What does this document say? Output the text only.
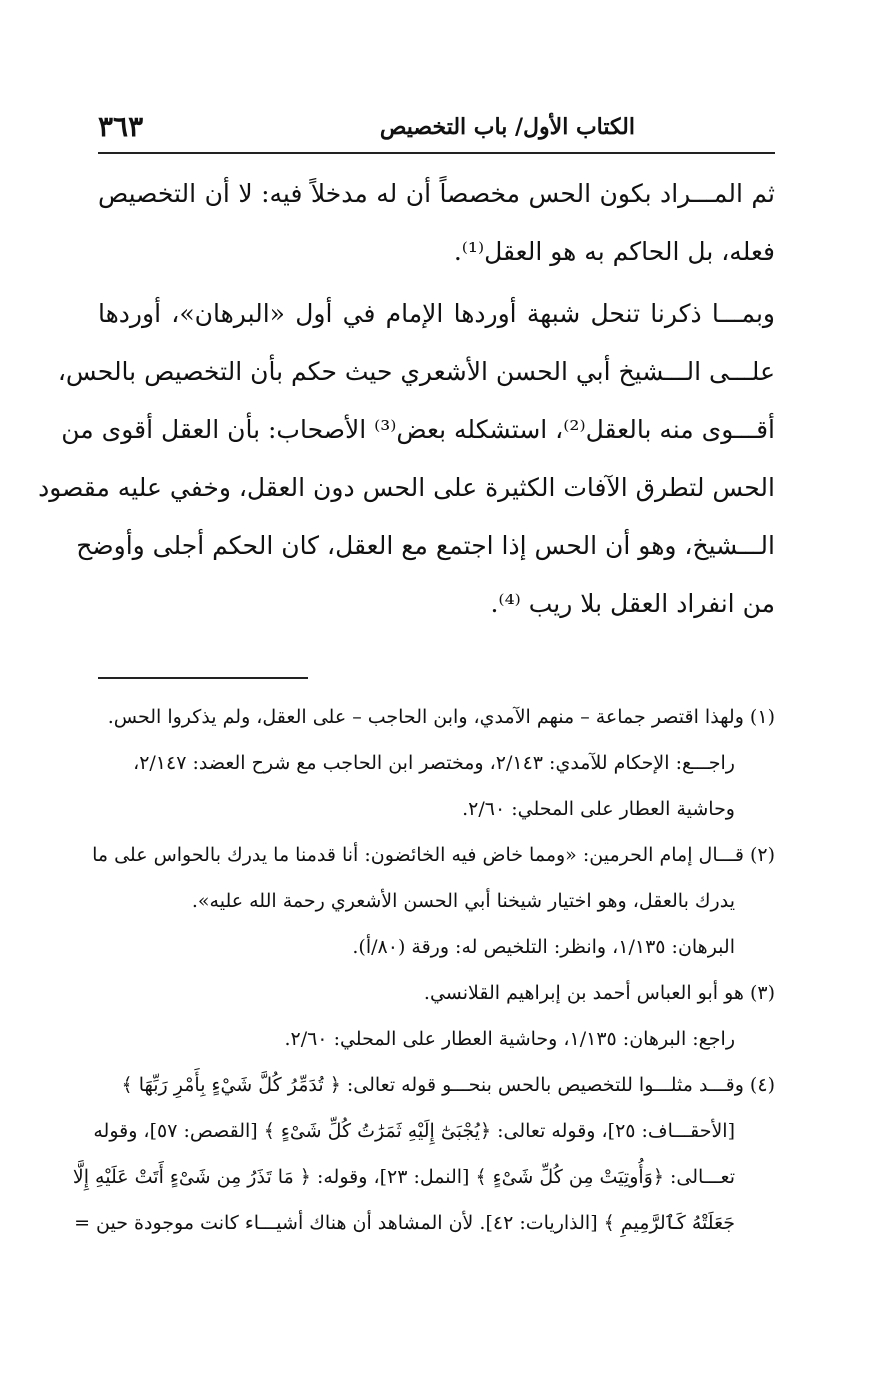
الكتاب الأول/ باب التخصيص
٣٦٣

ثم المـــراد بكون الحس مخصصاً أن له مدخلاً فيه: لا أن التخصيص
فعله، بل الحاكم به هو العقل⁽¹⁾.

وبمـــا ذكرنا تنحل شبهة أوردها الإمام في أول «البرهان»، أوردها
علـــى الـــشيخ أبي الحسن الأشعري حيث حكم بأن التخصيص بالحس،
أقـــوى منه بالعقل⁽²⁾، استشكله بعض⁽³⁾ الأصحاب: بأن العقل أقوى من
الحس لتطرق الآفات الكثيرة على الحس دون العقل، وخفي عليه مقصود
الـــشيخ، وهو أن الحس إذا اجتمع مع العقل، كان الحكم أجلى وأوضح
من انفراد العقل بلا ريب ⁽⁴⁾.

(١) ولهذا اقتصر جماعة – منهم الآمدي، وابن الحاجب – على العقل، ولم يذكروا الحس.
راجـــع: الإحكام للآمدي: ٢/١٤٣، ومختصر ابن الحاجب مع شرح العضد: ٢/١٤٧،
وحاشية العطار على المحلي: ٢/٦٠.
(٢) قـــال إمام الحرمين: «ومما خاض فيه الخائضون: أنا قدمنا ما يدرك بالحواس على ما
يدرك بالعقل، وهو اختيار شيخنا أبي الحسن الأشعري رحمة الله عليه».
البرهان: ١/١٣٥، وانظر: التلخيص له: ورقة (٨٠/أ).
(٣) هو أبو العباس أحمد بن إبراهيم القلانسي.
راجع: البرهان: ١/١٣٥، وحاشية العطار على المحلي: ٢/٦٠.
(٤) وقـــد مثلـــوا للتخصيص بالحس بنحـــو قوله تعالى: ﴿ تُدَمِّرُ كُلَّ شَيْءٍ بِأَمْرِ رَبِّهَا ﴾
[الأحقـــاف: ٢٥]، وقوله تعالى: ﴿يُجْبَىٰٓ إِلَيْهِ ثَمَرَٰتُ كُلِّ شَىْءٍ ﴾ [القصص: ٥٧]، وقوله
تعـــالى: ﴿وَأُوتِيَتْ مِن كُلِّ شَىْءٍ ﴾ [النمل: ٢٣]، وقوله: ﴿ مَا تَذَرُ مِن شَىْءٍ أَتَتْ عَلَيْهِ إِلَّا
جَعَلَتْهُ كَٱلرَّمِيمِ ﴾ [الذاريات: ٤٢]. لأن المشاهد أن هناك أشيـــاء كانت موجودة حين =
